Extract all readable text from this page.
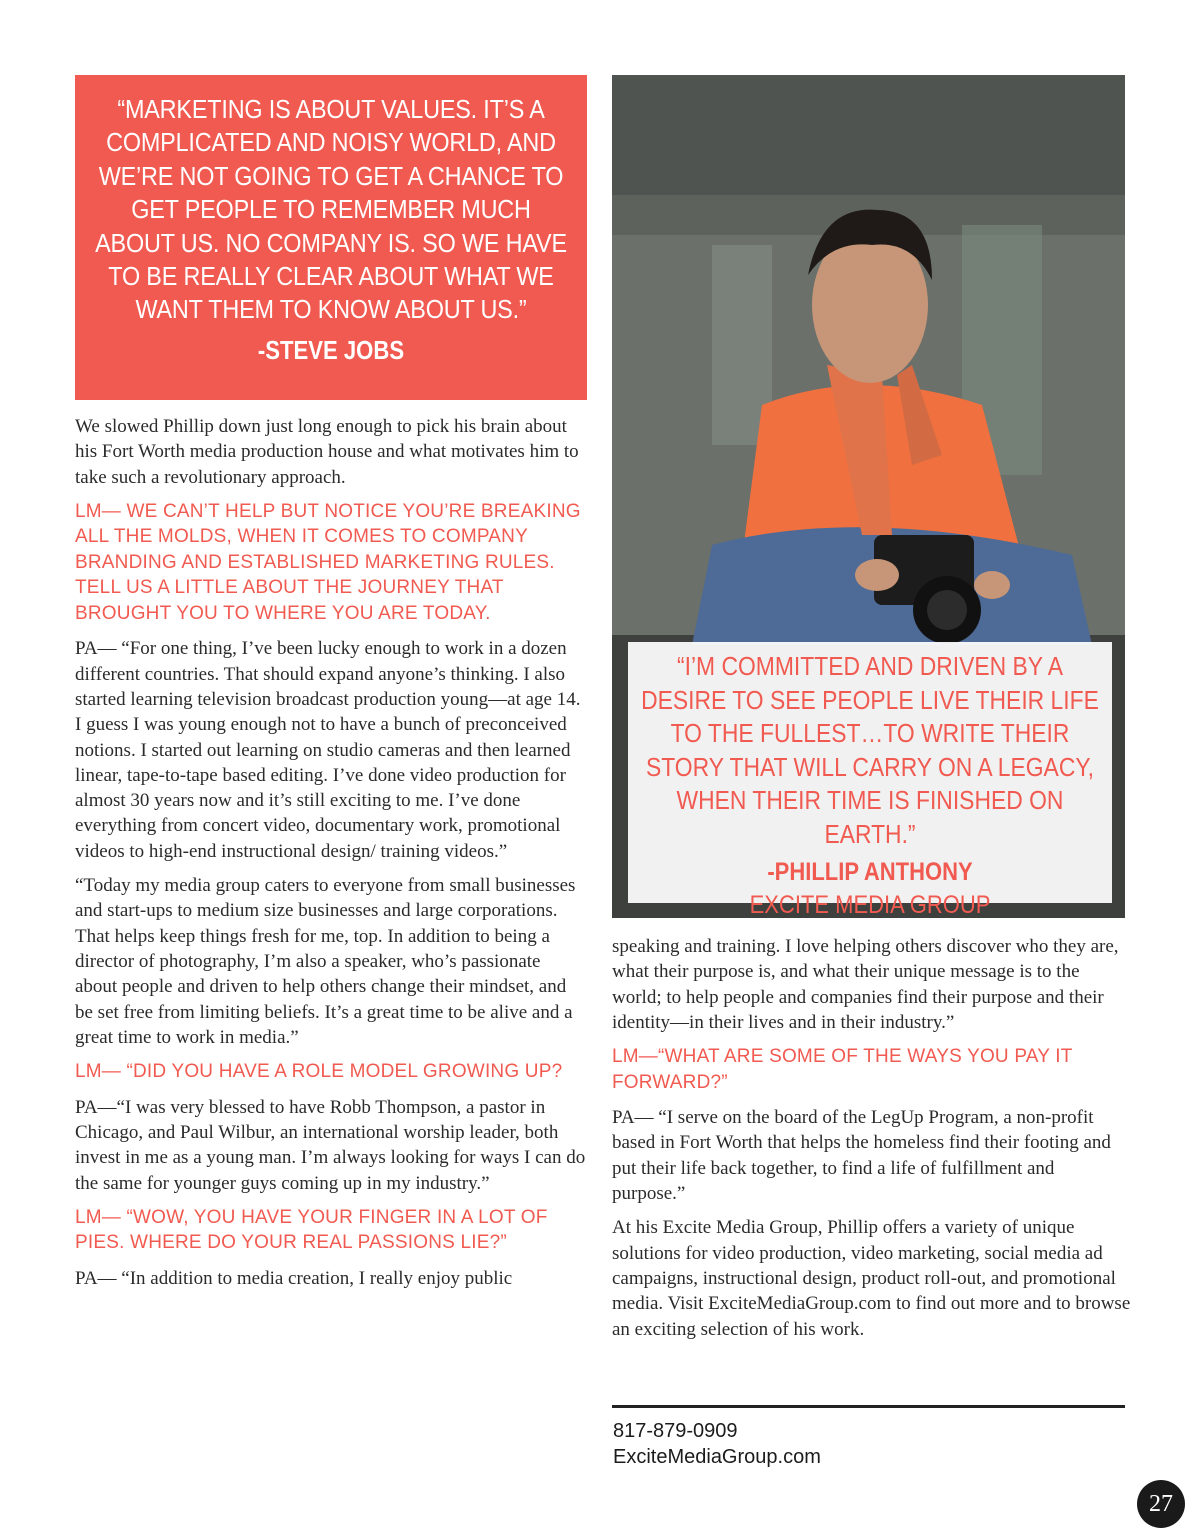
“MARKETING IS ABOUT VALUES. IT’S A COMPLICATED AND NOISY WORLD, AND WE’RE NOT GOING TO GET A CHANCE TO GET PEOPLE TO REMEMBER MUCH ABOUT US. NO COMPANY IS. SO WE HAVE TO BE REALLY CLEAR ABOUT WHAT WE WANT THEM TO KNOW ABOUT US.”
-STEVE JOBS
“I’M COMMITTED AND DRIVEN BY A DESIRE TO SEE PEOPLE LIVE THEIR LIFE TO THE FULLEST…TO WRITE THEIR STORY THAT WILL CARRY ON A LEGACY, WHEN THEIR TIME IS FINISHED ON EARTH.”
-PHILLIP ANTHONY
EXCITE MEDIA GROUP

We slowed Phillip down just long enough to pick his brain about his Fort Worth media production house and what motivates him to take such a revolutionary approach.

LM— WE CAN’T HELP BUT NOTICE YOU’RE BREAKING ALL THE MOLDS, WHEN IT COMES TO COMPANY BRANDING AND ESTABLISHED MARKETING RULES. TELL US A LITTLE ABOUT THE JOURNEY THAT BROUGHT YOU TO WHERE YOU ARE TODAY.

PA— “For one thing, I’ve been lucky enough to work in a dozen different countries. That should expand anyone’s thinking. I also started learning television broadcast production young—at age 14. I guess I was young enough not to have a bunch of preconceived notions. I started out learning on studio cameras and then learned linear, tape-to-tape based editing. I’ve done video production for almost 30 years now and it’s still exciting to me. I’ve done everything from concert video, documentary work, promotional videos to high-end instructional design/ training videos.”

“Today my media group caters to everyone from small businesses and start-ups to medium size businesses and large corporations. That helps keep things fresh for me, top. In addition to being a director of photography, I’m also a speaker, who’s passionate about people and driven to help others change their mindset, and be set free from limiting beliefs. It’s a great time to be alive and a great time to work in media.”

LM— “DID YOU HAVE A ROLE MODEL GROWING UP?

PA—“I was very blessed to have Robb Thompson, a pastor in Chicago, and Paul Wilbur, an international worship leader, both invest in me as a young man. I’m always looking for ways I can do the same for younger guys coming up in my industry.”

LM— “WOW, YOU HAVE YOUR FINGER IN A LOT OF PIES. WHERE DO YOUR REAL PASSIONS LIE?”

PA— “In addition to media creation, I really enjoy public

speaking and training. I love helping others discover who they are, what their purpose is, and what their unique message is to the world; to help people and companies find their purpose and their identity—in their lives and in their industry.”

LM—“WHAT ARE SOME OF THE WAYS YOU PAY IT FORWARD?”

PA— “I serve on the board of the LegUp Program, a non-profit based in Fort Worth that helps the homeless find their footing and put their life back together, to find a life of fulfillment and purpose.”

At his Excite Media Group, Phillip offers a variety of unique solutions for video production, video marketing, social media ad campaigns, instructional design, product roll-out, and promotional media. Visit ExciteMediaGroup.com to find out more and to browse an exciting selection of his work.

817-879-0909
ExciteMediaGroup.com
27
